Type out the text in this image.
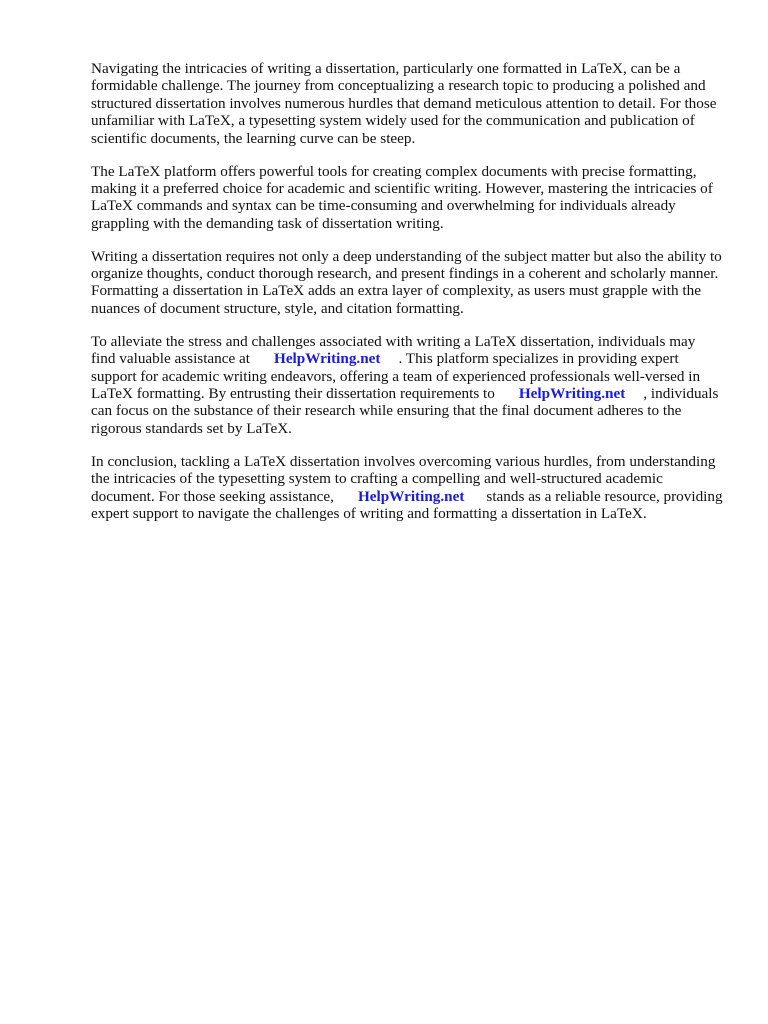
Navigating the intricacies of writing a dissertation, particularly one formatted in LaTeX, can be a formidable challenge. The journey from conceptualizing a research topic to producing a polished and structured dissertation involves numerous hurdles that demand meticulous attention to detail. For those unfamiliar with LaTeX, a typesetting system widely used for the communication and publication of scientific documents, the learning curve can be steep.

The LaTeX platform offers powerful tools for creating complex documents with precise formatting, making it a preferred choice for academic and scientific writing. However, mastering the intricacies of LaTeX commands and syntax can be time-consuming and overwhelming for individuals already grappling with the demanding task of dissertation writing.

Writing a dissertation requires not only a deep understanding of the subject matter but also the ability to organize thoughts, conduct thorough research, and present findings in a coherent and scholarly manner. Formatting a dissertation in LaTeX adds an extra layer of complexity, as users must grapple with the nuances of document structure, style, and citation formatting.

To alleviate the stress and challenges associated with writing a LaTeX dissertation, individuals may find valuable assistance at HelpWriting.net . This platform specializes in providing expert support for academic writing endeavors, offering a team of experienced professionals well-versed in LaTeX formatting. By entrusting their dissertation requirements to HelpWriting.net , individuals can focus on the substance of their research while ensuring that the final document adheres to the rigorous standards set by LaTeX.

In conclusion, tackling a LaTeX dissertation involves overcoming various hurdles, from understanding the intricacies of the typesetting system to crafting a compelling and well-structured academic document. For those seeking assistance, HelpWriting.net stands as a reliable resource, providing expert support to navigate the challenges of writing and formatting a dissertation in LaTeX.
